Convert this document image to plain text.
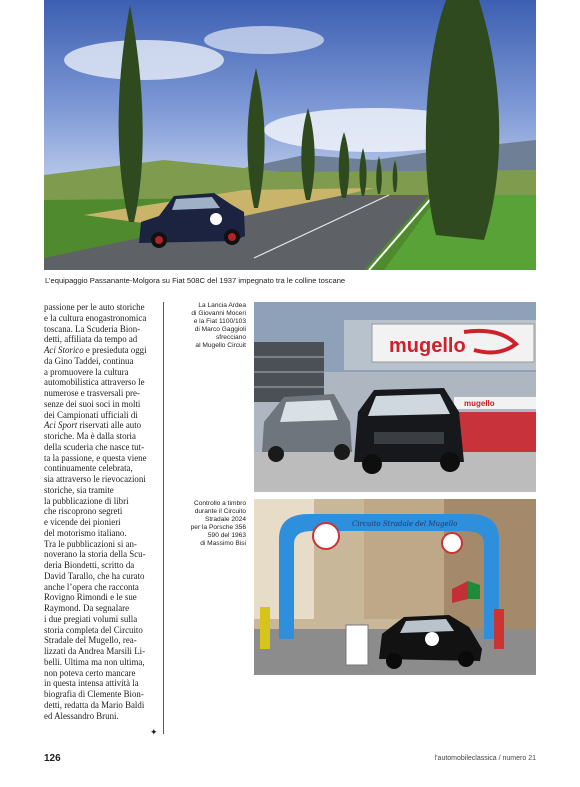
L’equipaggio Passanante-Molgora su Fiat 508C del 1937 impegnato tra le colline toscane
passione per le auto storiche
e la cultura enogastronomica
toscana. La Scuderia Bion-
detti, affiliata da tempo ad
Aci Storico e presieduta oggi
da Gino Taddei, continua
a promuovere la cultura
automobilistica attraverso le
numerose e trasversali pre-
senze dei suoi soci in molti
dei Campionati ufficiali di
Aci Sport riservati alle auto
storiche. Ma è dalla storia
della scuderia che nasce tut-
ta la passione, e questa viene
continuamente celebrata,
sia attraverso le rievocazioni
storiche, sia tramite
la pubblicazione di libri
che riscoprono segreti
e vicende dei pionieri
del motorismo italiano.
Tra le pubblicazioni si an-
noverano la storia della Scu-
deria Biondetti, scritto da
David Tarallo, che ha curato
anche l’opera che racconta
Rovigno Rimondi e le sue
Raymond. Da segnalare
i due pregiati volumi sulla
storia completa del Circuito
Stradale del Mugello, rea-
lizzati da Andrea Marsili Li-
belli. Ultima ma non ultima,
non poteva certo mancare
in questa intensa attività la
biografia di Clemente Bion-
detti, redatta da Mario Baldi
ed Alessandro Bruni.
✦
La Lancia Ardea
di Giovanni Moceri
e la Fiat 1100/103
di Marco Gaggioli
sfrecciano
al Mugello Circuit
Controllo a timbro
durante il Circuito
Stradale 2024
per la Porsche 356
590 del 1963
di Massimo Bisi
mugello
mugello
Circuito Stradale del Mugello
126	l’automobileclassica / numero 21
